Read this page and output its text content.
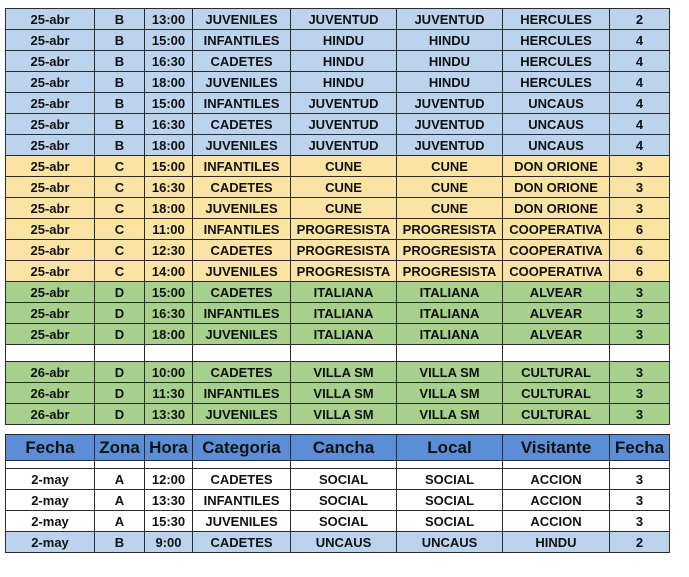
25-abr	B	13:00	JUVENILES	JUVENTUD	JUVENTUD	HERCULES	2
25-abr	B	15:00	INFANTILES	HINDU	HINDU	HERCULES	4
25-abr	B	16:30	CADETES	HINDU	HINDU	HERCULES	4
25-abr	B	18:00	JUVENILES	HINDU	HINDU	HERCULES	4
25-abr	B	15:00	INFANTILES	JUVENTUD	JUVENTUD	UNCAUS	4
25-abr	B	16:30	CADETES	JUVENTUD	JUVENTUD	UNCAUS	4
25-abr	B	18:00	JUVENILES	JUVENTUD	JUVENTUD	UNCAUS	4
25-abr	C	15:00	INFANTILES	CUNE	CUNE	DON ORIONE	3
25-abr	C	16:30	CADETES	CUNE	CUNE	DON ORIONE	3
25-abr	C	18:00	JUVENILES	CUNE	CUNE	DON ORIONE	3
25-abr	C	11:00	INFANTILES	PROGRESISTA	PROGRESISTA	COOPERATIVA	6
25-abr	C	12:30	CADETES	PROGRESISTA	PROGRESISTA	COOPERATIVA	6
25-abr	C	14:00	JUVENILES	PROGRESISTA	PROGRESISTA	COOPERATIVA	6
25-abr	D	15:00	CADETES	ITALIANA	ITALIANA	ALVEAR	3
25-abr	D	16:30	INFANTILES	ITALIANA	ITALIANA	ALVEAR	3
25-abr	D	18:00	JUVENILES	ITALIANA	ITALIANA	ALVEAR	3

26-abr	D	10:00	CADETES	VILLA SM	VILLA SM	CULTURAL	3
26-abr	D	11:30	INFANTILES	VILLA SM	VILLA SM	CULTURAL	3
26-abr	D	13:30	JUVENILES	VILLA SM	VILLA SM	CULTURAL	3

Fecha	Zona	Hora	Categoria	Cancha	Local	Visitante	Fecha

2-may	A	12:00	CADETES	SOCIAL	SOCIAL	ACCION	3
2-may	A	13:30	INFANTILES	SOCIAL	SOCIAL	ACCION	3
2-may	A	15:30	JUVENILES	SOCIAL	SOCIAL	ACCION	3
2-may	B	9:00	CADETES	UNCAUS	UNCAUS	HINDU	2
